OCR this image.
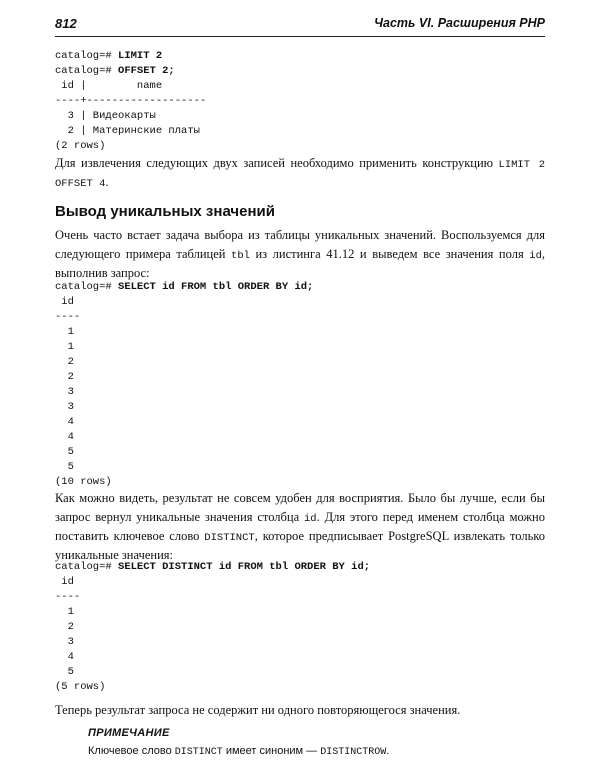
812	Часть VI. Расширения PHP
catalog=# LIMIT 2
catalog=# OFFSET 2;
id |        name
----+-------------------
3 | Видеокарты
2 | Материнские платы
(2 rows)
Для извлечения следующих двух записей необходимо применить конструкцию LIMIT 2 OFFSET 4.
Вывод уникальных значений
Очень часто встает задача выбора из таблицы уникальных значений. Воспользуемся для следующего примера таблицей tbl из листинга 41.12 и выведем все значения поля id, выполнив запрос:
catalog=# SELECT id FROM tbl ORDER BY id;
id
----
1
1
2
2
3
3
4
4
5
5
(10 rows)
Как можно видеть, результат не совсем удобен для восприятия. Было бы лучше, если бы запрос вернул уникальные значения столбца id. Для этого перед именем столбца можно поставить ключевое слово DISTINCT, которое предписывает PostgreSQL извлекать только уникальные значения:
catalog=# SELECT DISTINCT id FROM tbl ORDER BY id;
id
----
1
2
3
4
5
(5 rows)
Теперь результат запроса не содержит ни одного повторяющегося значения.
ПРИМЕЧАНИЕ
Ключевое слово DISTINCT имеет синоним — DISTINCTROW.
